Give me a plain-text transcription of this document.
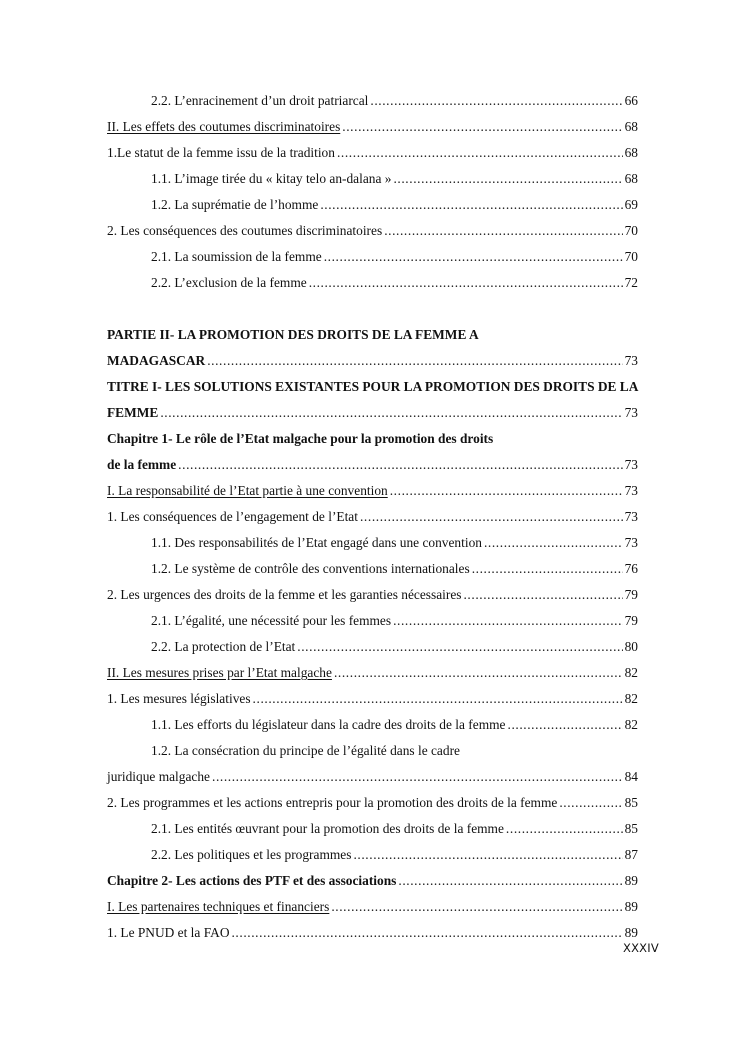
2.2. L’enracinement d’un droit patriarcal .....	66
II. Les effets des coutumes discriminatoires .....	68
1.Le statut de la femme issu de la tradition .....	68
1.1. L’image tirée du « kitay telo an-dalana » .....	68
1.2. La suprématie de l’homme .....	69
2. Les conséquences des coutumes discriminatoires .....	70
2.1. La soumission de la femme .....	70
2.2. L’exclusion de la femme .....	72
PARTIE II- LA PROMOTION DES DROITS DE LA FEMME A
MADAGASCAR .....	73
TITRE I- LES SOLUTIONS EXISTANTES POUR LA PROMOTION DES DROITS DE LA
FEMME .....	73
Chapitre 1- Le rôle de l’Etat malgache pour la promotion des droits
de la femme .....	73
I. La responsabilité de l’Etat partie à une convention .....	73
1. Les conséquences de l’engagement de l’Etat .....	73
1.1. Des responsabilités de l’Etat engagé dans une convention .....	73
1.2. Le système de contrôle des conventions internationales .....	76
2. Les urgences des droits de la femme et les garanties nécessaires .....	79
2.1. L’égalité, une nécessité pour les femmes .....	79
2.2. La protection de l’Etat .....	80
II. Les mesures prises par l’Etat malgache .....	82
1. Les mesures législatives .....	82
1.1. Les efforts du législateur dans la cadre des droits de la femme .....	82
1.2. La consécration du principe de l’égalité dans le cadre
juridique malgache .....	84
2. Les programmes et les actions entrepris pour la promotion des droits de la femme .....	85
2.1. Les entités œuvrant pour la promotion des droits de la femme .....	85
2.2. Les politiques et les programmes .....	87
Chapitre 2- Les actions des PTF et des associations .....	89
I. Les partenaires techniques et financiers .....	89
1. Le PNUD et la FAO .....	89
XXXIV
